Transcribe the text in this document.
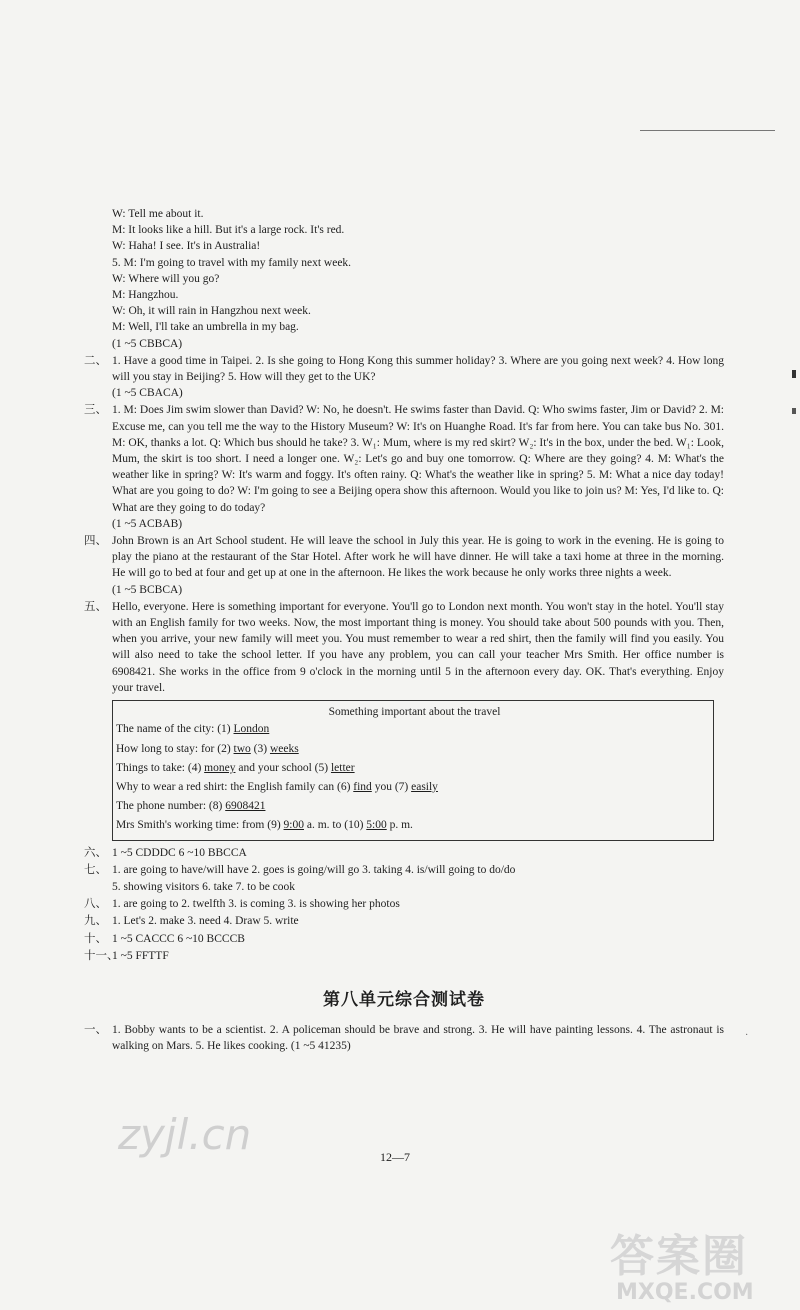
W: Tell me about it.
M: It looks like a hill. But it's a large rock. It's red.
W: Haha! I see. It's in Australia!
5. M: I'm going to travel with my family next week.
W: Where will you go?
M: Hangzhou.
W: Oh, it will rain in Hangzhou next week.
M: Well, I'll take an umbrella in my bag.
(1 ~5 CBBCA)
二、 1. Have a good time in Taipei. 2. Is she going to Hong Kong this summer holiday? 3. Where are you going next week? 4. How long will you stay in Beijing? 5. How will they get to the UK?
(1 ~5 CBACA)
三、 1. M: Does Jim swim slower than David? W: No, he doesn't. He swims faster than David. Q: Who swims faster, Jim or David? 2. M: Excuse me, can you tell me the way to the History Museum? W: It's on Huanghe Road. It's far from here. You can take bus No. 301. M: OK, thanks a lot. Q: Which bus should he take? 3. W₁: Mum, where is my red skirt? W₂: It's in the box, under the bed. W₁: Look, Mum, the skirt is too short. I need a longer one. W₂: Let's go and buy one tomorrow. Q: Where are they going? 4. M: What's the weather like in spring? W: It's warm and foggy. It's often rainy. Q: What's the weather like in spring? 5. M: What a nice day today! What are you going to do? W: I'm going to see a Beijing opera show this afternoon. Would you like to join us? M: Yes, I'd like to. Q: What are they going to do today?
(1 ~5 ACBAB)
四、 John Brown is an Art School student. He will leave the school in July this year. He is going to work in the evening. He is going to play the piano at the restaurant of the Star Hotel. After work he will have dinner. He will take a taxi home at three in the morning. He will go to bed at four and get up at one in the afternoon. He likes the work because he only works three nights a week.
(1 ~5 BCBCA)
五、 Hello, everyone. Here is something important for everyone. You'll go to London next month. You won't stay in the hotel. You'll stay with an English family for two weeks. Now, the most important thing is money. You should take about 500 pounds with you. Then, when you arrive, your new family will meet you. You must remember to wear a red shirt, then the family will find you easily. You will also need to take the school letter. If you have any problem, you can call your teacher Mrs Smith. Her office number is 6908421. She works in the office from 9 o'clock in the morning until 5 in the afternoon every day. OK. That's everything. Enjoy your travel.
Something important about the travel
The name of the city: (1) London
How long to stay: for (2) two (3) weeks
Things to take: (4) money and your school (5) letter
Why to wear a red shirt: the English family can (6) find you (7) easily
The phone number: (8) 6908421
Mrs Smith's working time: from (9) 9:00 a. m. to (10) 5:00 p. m.
六、 1 ~5 CDDDC 6 ~10 BBCCA
七、 1. are going to have/will have 2. goes is going/will go 3. taking 4. is/will going to do/do
5. showing visitors 6. take 7. to be cook
八、 1. are going to 2. twelfth 3. is coming 3. is showing her photos
九、 1. Let's 2. make 3. need 4. Draw 5. write
十、 1 ~5 CACCC 6 ~10 BCCCB
十一、
1 ~5 FFTTF
第八单元综合测试卷
一、 1. Bobby wants to be a scientist. 2. A policeman should be brave and strong. 3. He will have painting lessons. 4. The astronaut is walking on Mars. 5. He likes cooking. (1 ~5 41235)
·
12—7
zyjl.cn
答案圈
MXQE.COM
